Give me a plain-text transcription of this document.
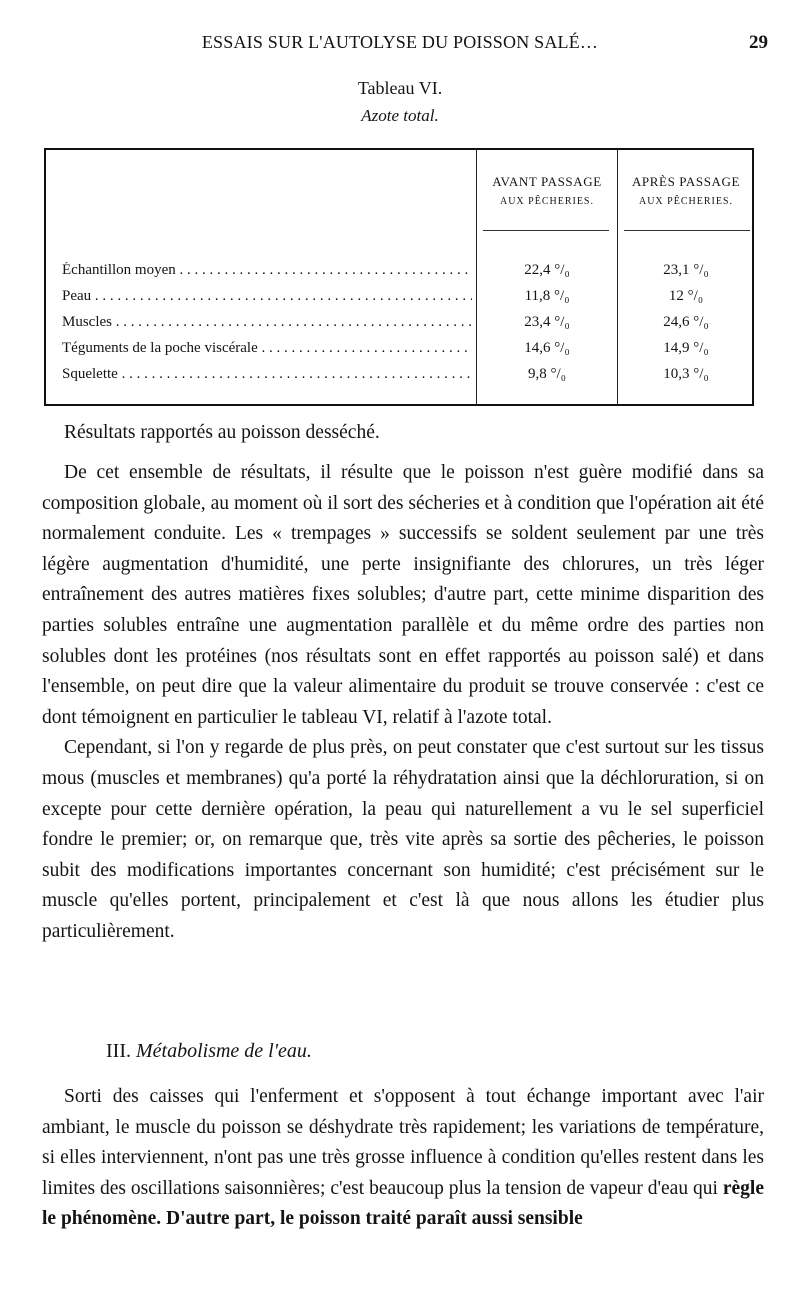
ESSAIS SUR L'AUTOLYSE DU POISSON SALÉ…	29
Tableau VI.
Azote total.
AVANT PASSAGE
AUX PÊCHERIES.
APRÈS PASSAGE
AUX PÊCHERIES.
Échantillon moyen . . .	22,4 °/₀	23,1 °/₀
Peau . . .	11,8 °/₀	12 °/₀
Muscles . . .	23,4 °/₀	24,6 °/₀
Téguments de la poche viscérale . . .	14,6 °/₀	14,9 °/₀
Squelette . . .	9,8 °/₀	10,3 °/₀

Résultats rapportés au poisson desséché.

De cet ensemble de résultats, il résulte que le poisson n'est guère modifié dans sa composition globale, au moment où il sort des sécheries et à condition que l'opération ait été normalement conduite. Les « trempages » successifs se soldent seulement par une très légère augmentation d'humidité, une perte insignifiante des chlorures, un très léger entraînement des autres matières fixes solubles; d'autre part, cette minime disparition des parties solubles entraîne une augmentation parallèle et du même ordre des parties non solubles dont les protéines (nos résultats sont en effet rapportés au poisson salé) et dans l'ensemble, on peut dire que la valeur alimentaire du produit se trouve conservée : c'est ce dont témoignent en particulier le tableau VI, relatif à l'azote total.

Cependant, si l'on y regarde de plus près, on peut constater que c'est surtout sur les tissus mous (muscles et membranes) qu'a porté la réhydratation ainsi que la déchloruration, si on excepte pour cette dernière opération, la peau qui naturellement a vu le sel superficiel fondre le premier; or, on remarque que, très vite après sa sortie des pêcheries, le poisson subit des modifications importantes concernant son humidité; c'est précisément sur le muscle qu'elles portent, principalement et c'est là que nous allons les étudier plus particulièrement.

III. Métabolisme de l'eau.

Sorti des caisses qui l'enferment et s'opposent à tout échange important avec l'air ambiant, le muscle du poisson se déshydrate très rapidement; les variations de température, si elles interviennent, n'ont pas une très grosse influence à condition qu'elles restent dans les limites des oscillations saisonnières; c'est beaucoup plus la tension de vapeur d'eau qui règle le phénomène. D'autre part, le poisson traité paraît aussi sensible
